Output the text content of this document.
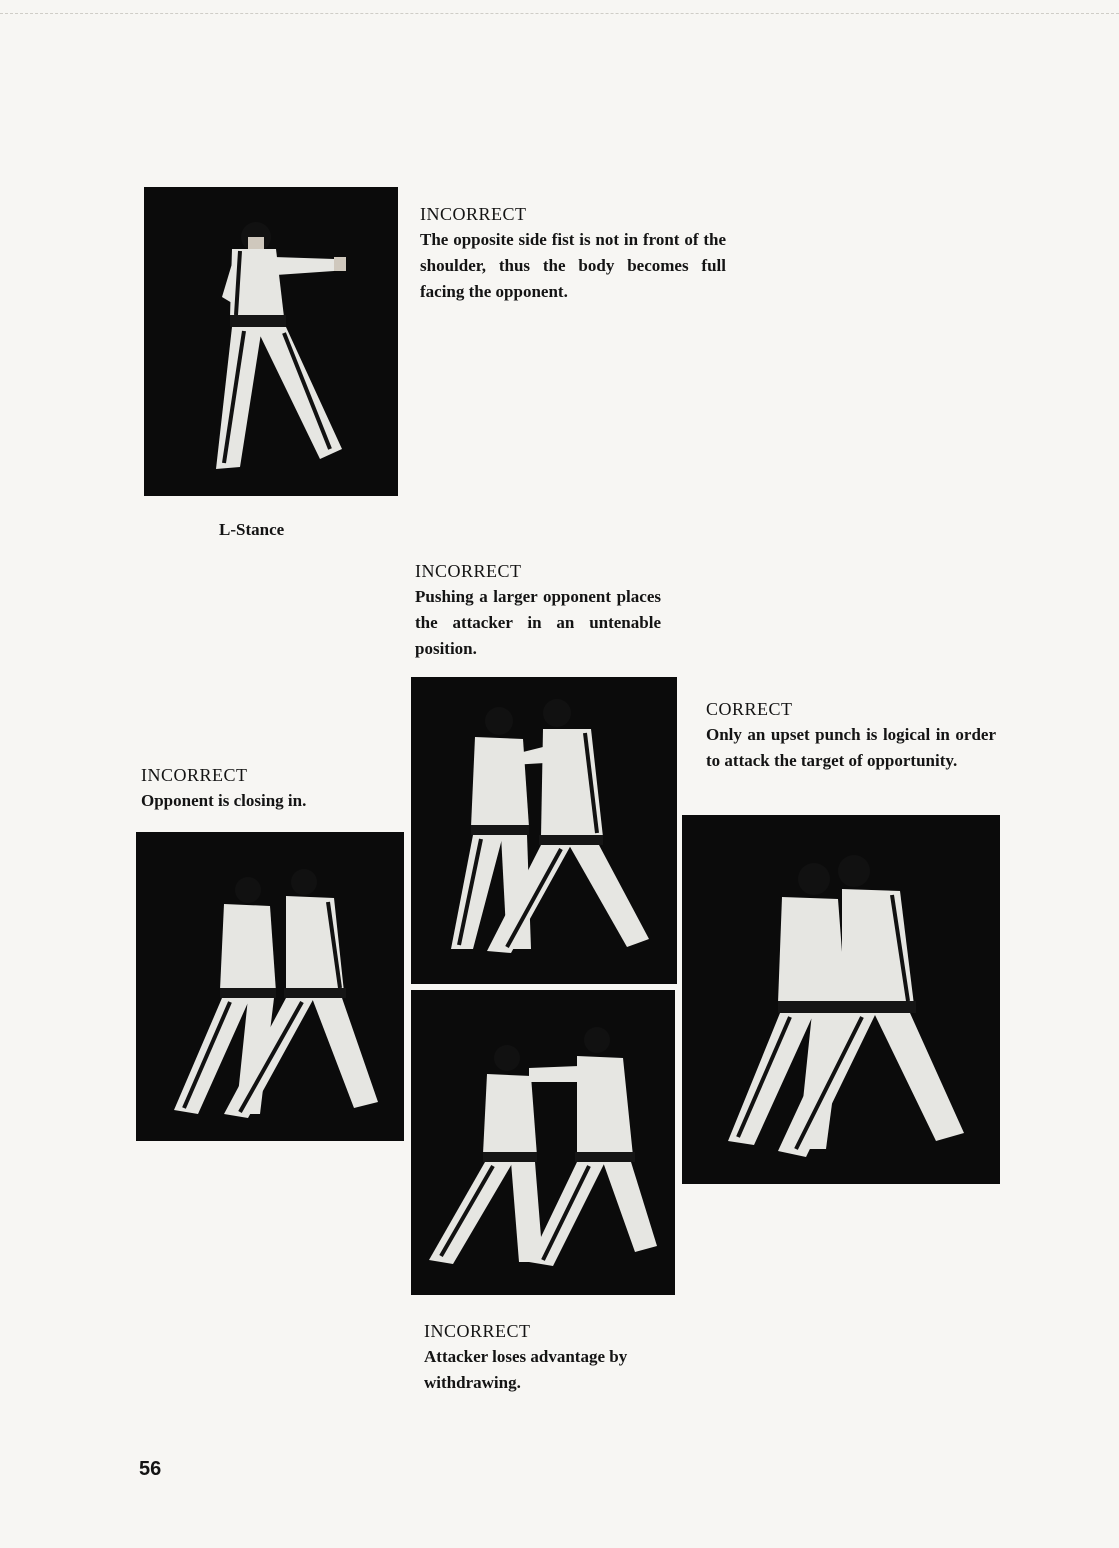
INCORRECT
The opposite side fist is not in front of the shoulder, thus the body becomes full facing the opponent.
L-Stance
INCORRECT
Pushing a larger opponent places the attacker in an untenable position.
CORRECT
Only an upset punch is logical in order to attack the target of opportunity.
INCORRECT
Opponent is closing in.
INCORRECT
Attacker loses advantage by withdrawing.
56
